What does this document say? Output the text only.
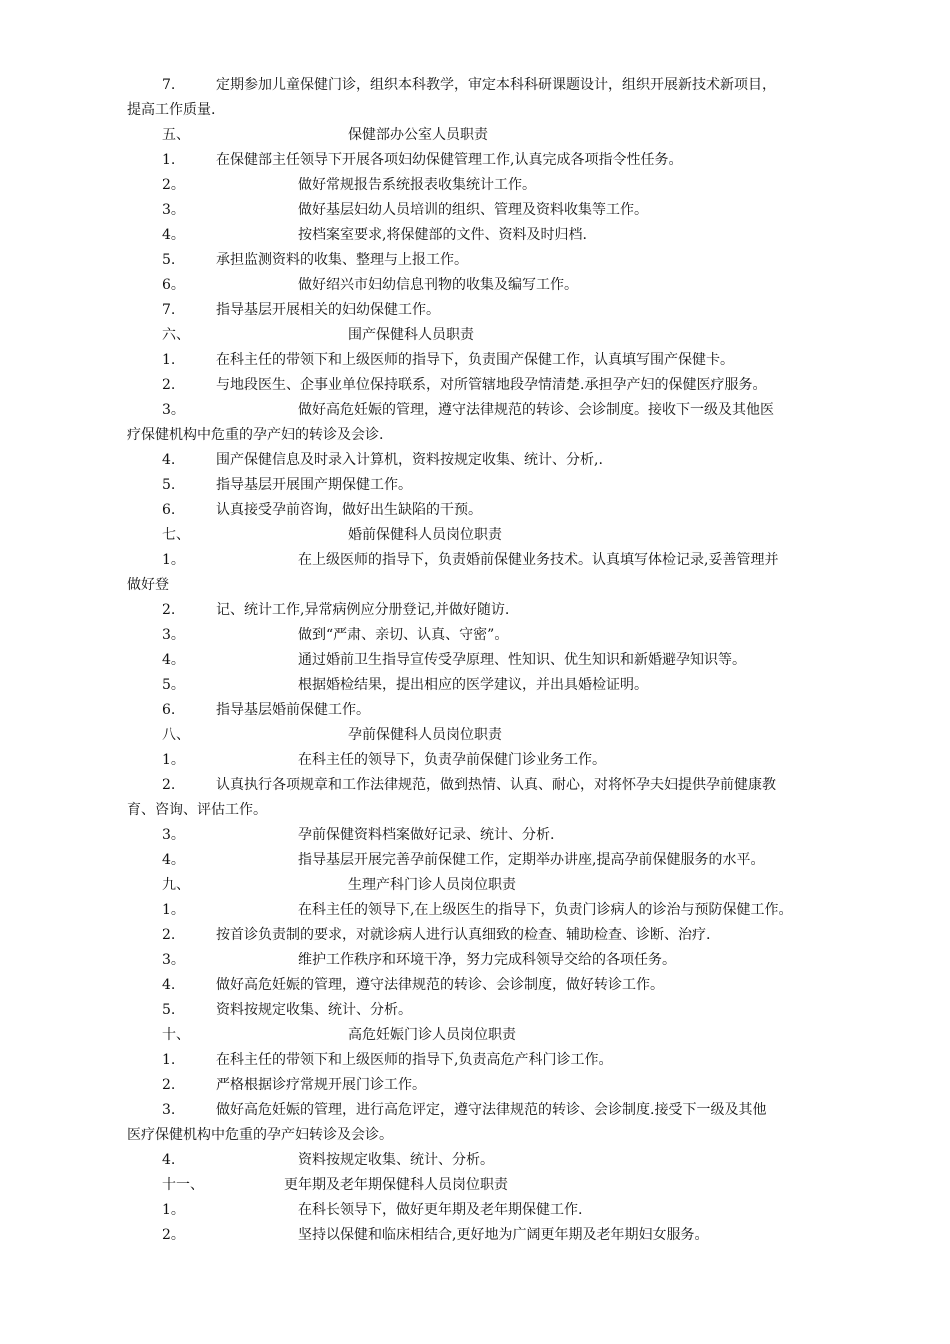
7.	定期参加儿童保健门诊，组织本科教学，审定本科科研课题设计，组织开展新技术新项目，
提高工作质量.
五、	保健部办公室人员职责
1.	在保健部主任领导下开展各项妇幼保健管理工作,认真完成各项指令性任务。
2。	做好常规报告系统报表收集统计工作。
3。	做好基层妇幼人员培训的组织、管理及资料收集等工作。
4。	按档案室要求,将保健部的文件、资料及时归档.
5.	承担监测资料的收集、整理与上报工作。
6。	做好绍兴市妇幼信息刊物的收集及编写工作。
7.	指导基层开展相关的妇幼保健工作。
六、	围产保健科人员职责
1.	在科主任的带领下和上级医师的指导下，负责围产保健工作，认真填写围产保健卡。
2.	与地段医生、企事业单位保持联系，对所管辖地段孕情清楚.承担孕产妇的保健医疗服务。
3。	做好高危妊娠的管理，遵守法律规范的转诊、会诊制度。接收下一级及其他医
疗保健机构中危重的孕产妇的转诊及会诊.
4.	围产保健信息及时录入计算机，资料按规定收集、统计、分析,.
5.	指导基层开展围产期保健工作。
6.	认真接受孕前咨询，做好出生缺陷的干预。
七、	婚前保健科人员岗位职责
1。	在上级医师的指导下，负责婚前保健业务技术。认真填写体检记录,妥善管理并
做好登
2.	记、统计工作,异常病例应分册登记,并做好随访.
3。	做到“严肃、亲切、认真、守密”。
4。	通过婚前卫生指导宣传受孕原理、性知识、优生知识和新婚避孕知识等。
5。	根据婚检结果，提出相应的医学建议，并出具婚检证明。
6.	指导基层婚前保健工作。
八、	孕前保健科人员岗位职责
1。	在科主任的领导下，负责孕前保健门诊业务工作。
2.	认真执行各项规章和工作法律规范，做到热情、认真、耐心，对将怀孕夫妇提供孕前健康教
育、咨询、评估工作。
3。	孕前保健资料档案做好记录、统计、分析.
4。	指导基层开展完善孕前保健工作，定期举办讲座,提高孕前保健服务的水平。
九、	生理产科门诊人员岗位职责
1。	在科主任的领导下,在上级医生的指导下，负责门诊病人的诊治与预防保健工作。
2.	按首诊负责制的要求，对就诊病人进行认真细致的检查、辅助检查、诊断、治疗.
3。	维护工作秩序和环境干净，努力完成科领导交给的各项任务。
4.	做好高危妊娠的管理，遵守法律规范的转诊、会诊制度，做好转诊工作。
5.	资料按规定收集、统计、分析。
十、	高危妊娠门诊人员岗位职责
1.	在科主任的带领下和上级医师的指导下,负责高危产科门诊工作。
2.	严格根据诊疗常规开展门诊工作。
3.	做好高危妊娠的管理，进行高危评定，遵守法律规范的转诊、会诊制度.接受下一级及其他
医疗保健机构中危重的孕产妇转诊及会诊。
4.	资料按规定收集、统计、分析。
十一、	更年期及老年期保健科人员岗位职责
1。	在科长领导下，做好更年期及老年期保健工作.
2。	坚持以保健和临床相结合,更好地为广阔更年期及老年期妇女服务。
